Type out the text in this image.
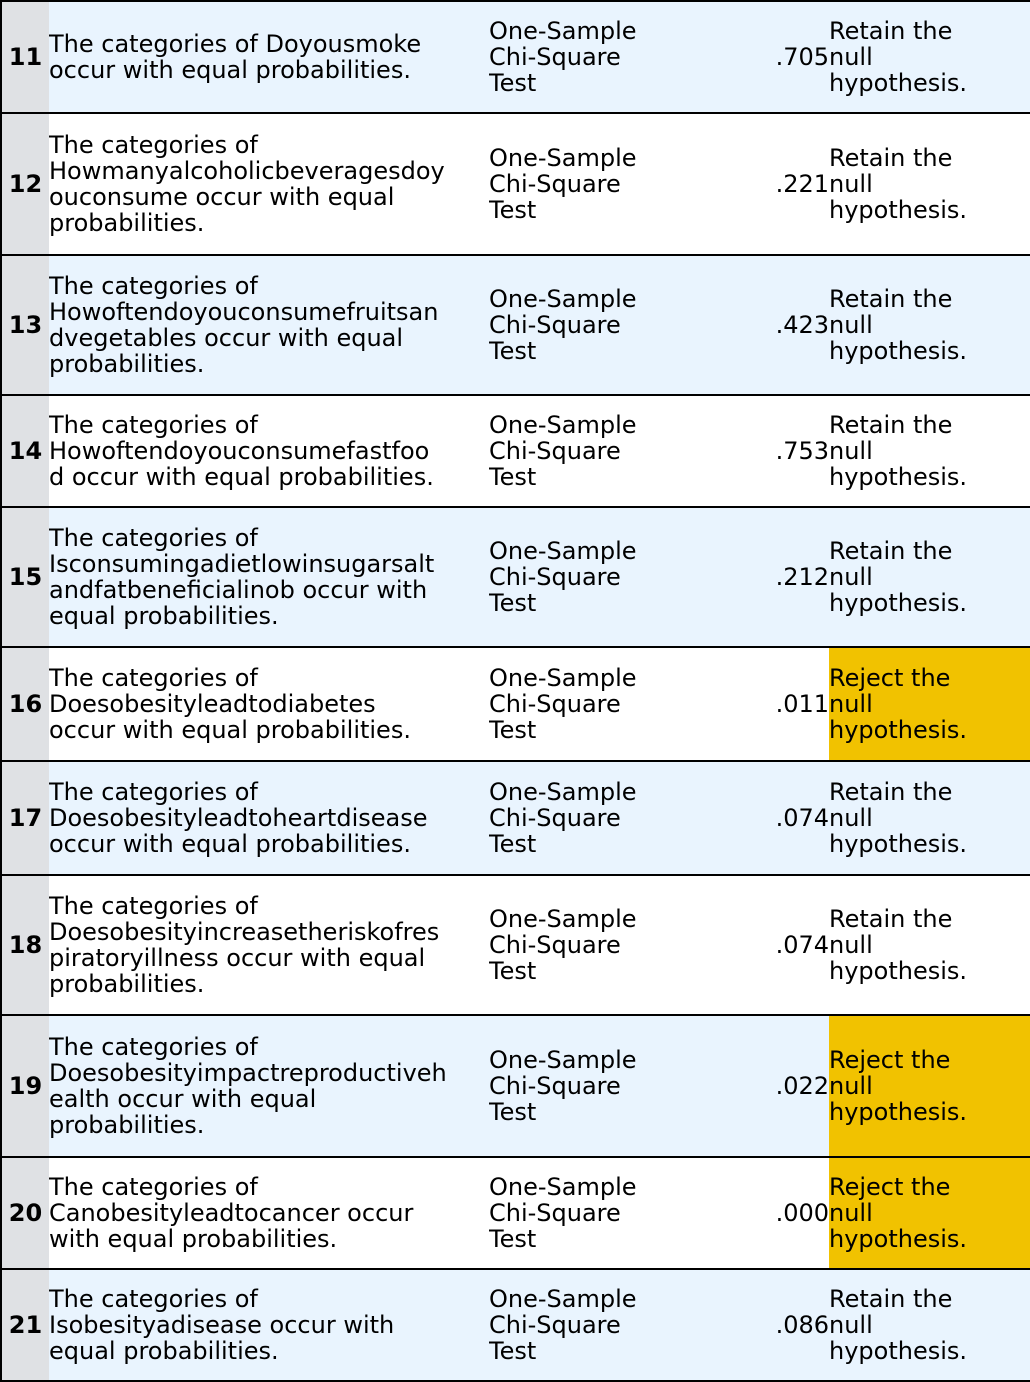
11	The categories of Doyousmoke
occur with equal probabilities.	One-Sample
Chi-Square
Test	.705	Retain the
null
hypothesis.

12	The categories of
Howmanyalcoholicbeveragesdoy
ouconsume occur with equal
probabilities.	One-Sample
Chi-Square
Test	.221	Retain the
null
hypothesis.

13	The categories of
Howoftendoyouconsumefruitsan
dvegetables occur with equal
probabilities.	One-Sample
Chi-Square
Test	.423	Retain the
null
hypothesis.

14	The categories of
Howoftendoyouconsumefastfoo
d occur with equal probabilities.	One-Sample
Chi-Square
Test	.753	Retain the
null
hypothesis.

15	The categories of
Isconsumingadietlowinsugarsalt
andfatbeneficialinob occur with
equal probabilities.	One-Sample
Chi-Square
Test	.212	Retain the
null
hypothesis.

16	The categories of
Doesobesityleadtodiabetes
occur with equal probabilities.	One-Sample
Chi-Square
Test	.011	Reject the
null
hypothesis.

17	The categories of
Doesobesityleadtoheartdisease
occur with equal probabilities.	One-Sample
Chi-Square
Test	.074	Retain the
null
hypothesis.

18	The categories of
Doesobesityincreasetheriskofres
piratoryillness occur with equal
probabilities.	One-Sample
Chi-Square
Test	.074	Retain the
null
hypothesis.

19	The categories of
Doesobesityimpactreproductiveh
ealth occur with equal
probabilities.	One-Sample
Chi-Square
Test	.022	Reject the
null
hypothesis.

20	The categories of
Canobesityleadtocancer occur
with equal probabilities.	One-Sample
Chi-Square
Test	.000	Reject the
null
hypothesis.

21	The categories of
Isobesityadisease occur with
equal probabilities.	One-Sample
Chi-Square
Test	.086	Retain the
null
hypothesis.
